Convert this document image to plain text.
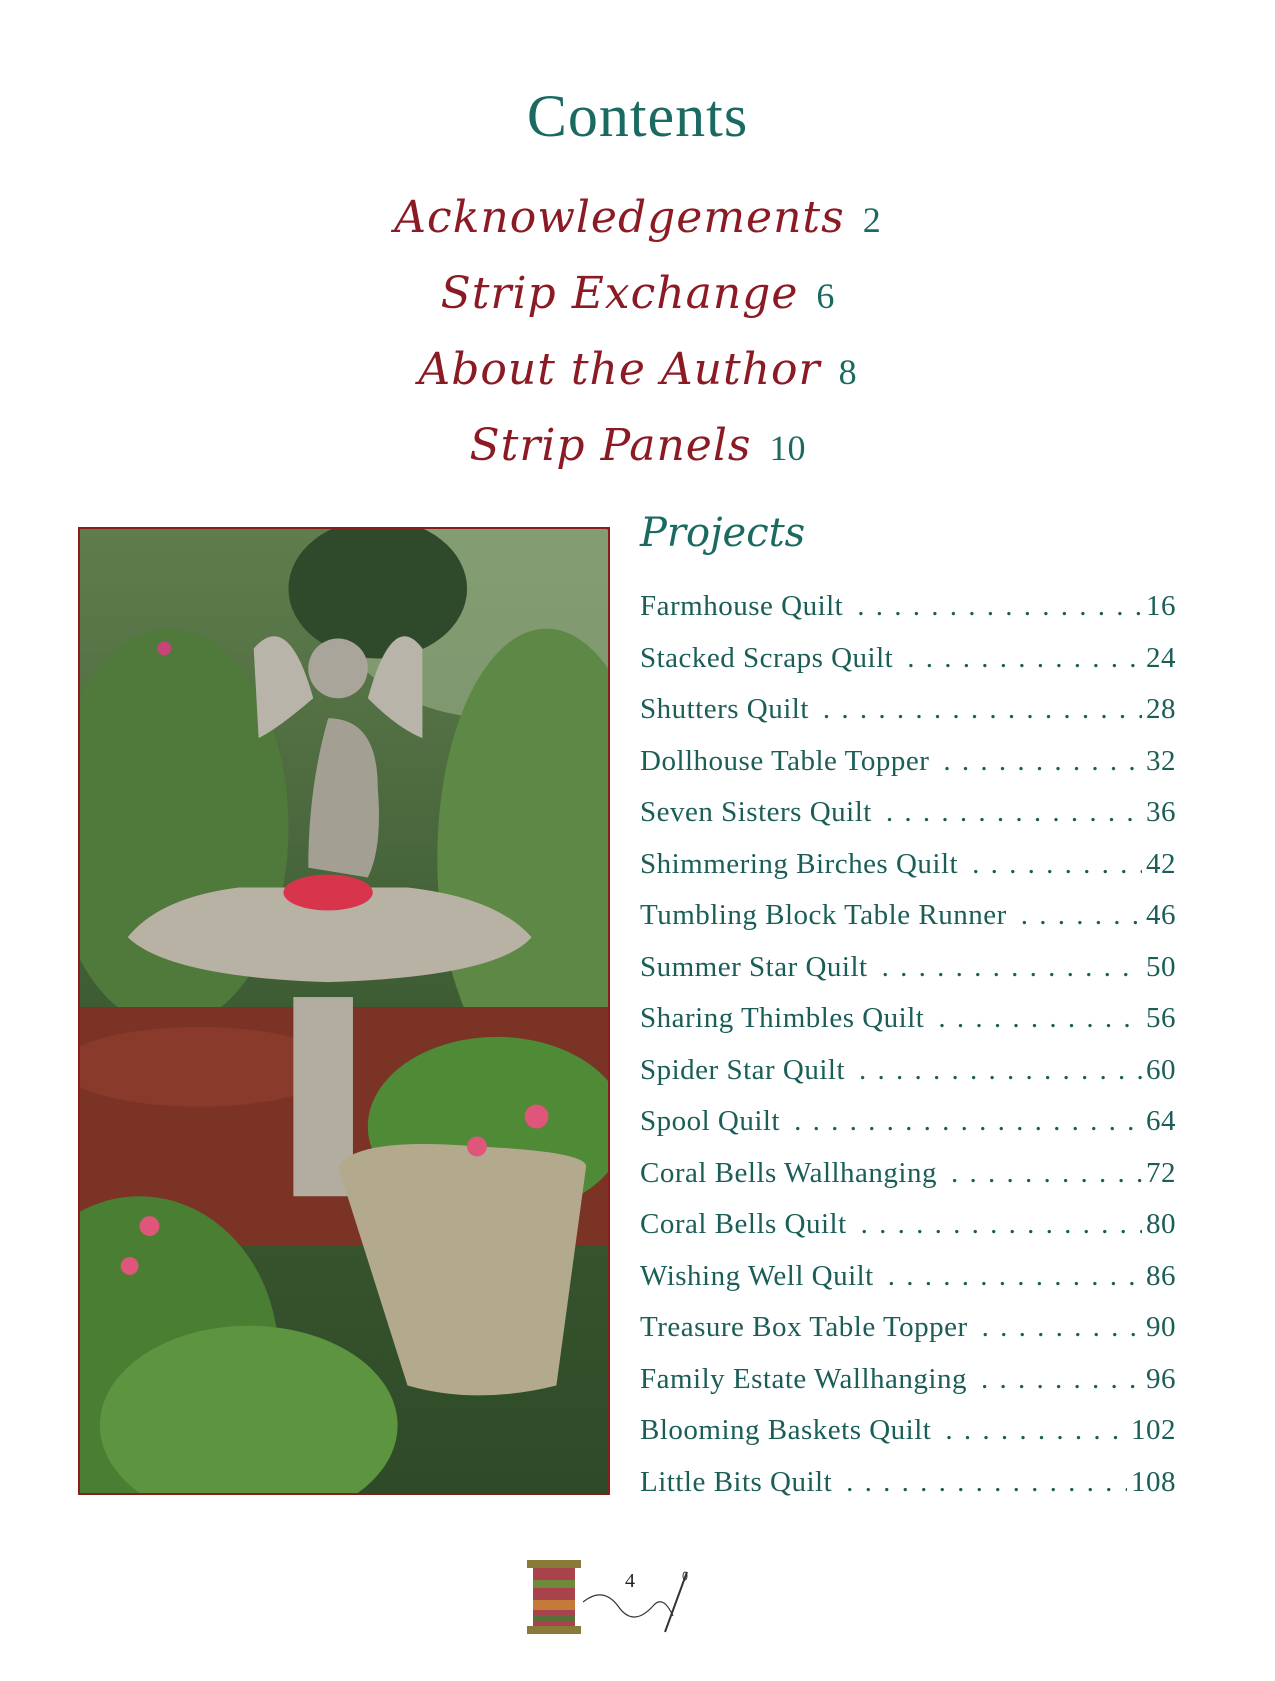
Contents
Acknowledgements 2
Strip Exchange 6
About the Author 8
Strip Panels 10
Projects
Farmhouse Quilt . . .	16
Stacked Scraps Quilt . . .	24
Shutters Quilt . . .	28
Dollhouse Table Topper . . .	32
Seven Sisters Quilt . . .	36
Shimmering Birches Quilt . . .	42
Tumbling Block Table Runner . . .	46
Summer Star Quilt . . .	50
Sharing Thimbles Quilt . . .	56
Spider Star Quilt . . .	60
Spool Quilt . . .	64
Coral Bells Wallhanging . . .	72
Coral Bells Quilt . . .	80
Wishing Well Quilt . . .	86
Treasure Box Table Topper . . .	90
Family Estate Wallhanging . . .	96
Blooming Baskets Quilt . . .	102
Little Bits Quilt . . .	108
4
